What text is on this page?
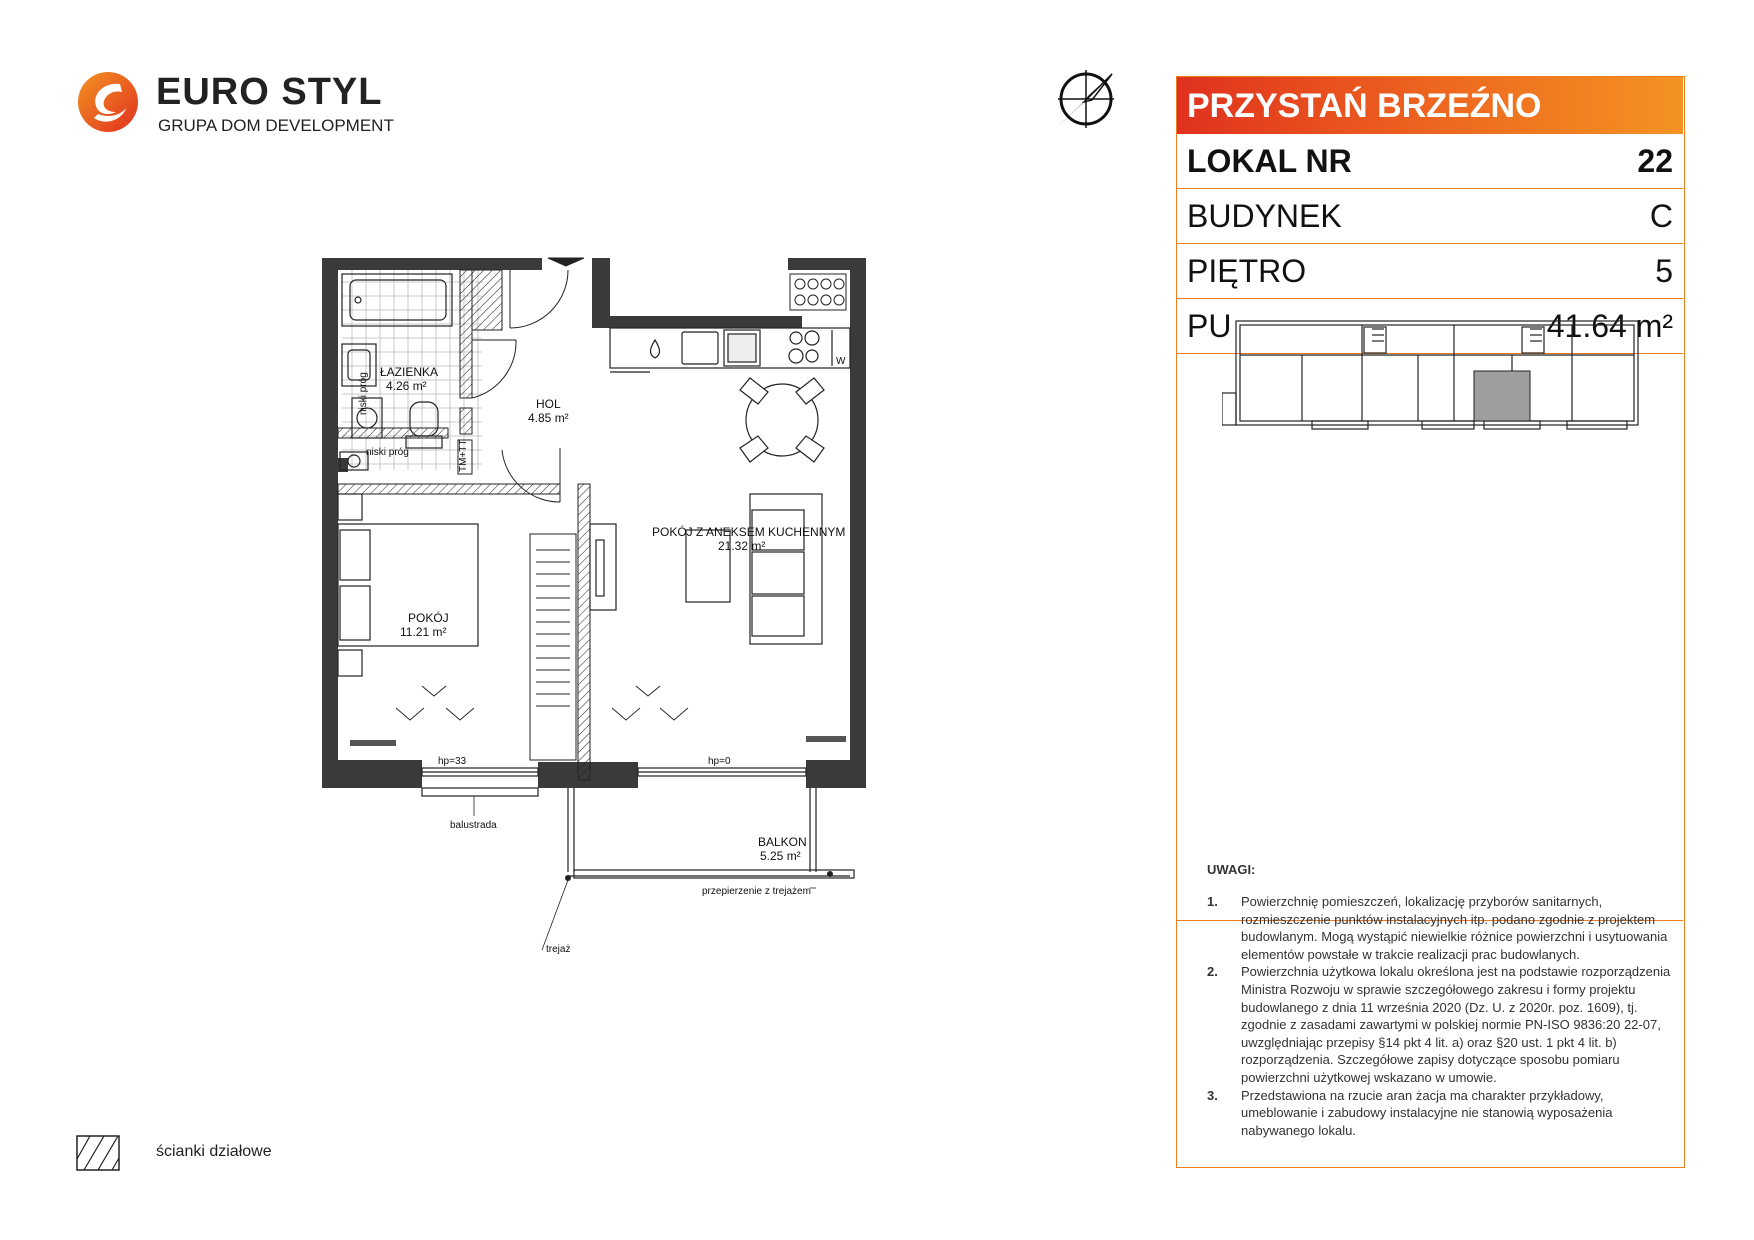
EURO STYL
GRUPA DOM DEVELOPMENT
PRZYSTAŃ BRZEŹNO
LOKAL NR	22
BUDYNEK	C
PIĘTRO	5
PU	41.64 m²
UWAGI:
1.	Powierzchnię pomieszczeń, lokalizację przyborów sanitarnych, rozmieszczenie punktów instalacyjnych itp. podano zgodnie z projektem budowlanym. Mogą wystąpić niewielkie różnice powierzchni i usytuowania elementów powstałe w trakcie realizacji prac budowlanych.
2.	Powierzchnia użytkowa lokalu określona jest na podstawie rozporządzenia Ministra Rozwoju w sprawie szczegółowego zakresu i formy projektu budowlanego z dnia 11 września 2020 (Dz. U. z 2020r. poz. 1609), tj. zgodnie z zasadami zawartymi w polskiej normie PN-ISO 9836:20 22-07, uwzględniając przepisy §14 pkt 4 lit. a) oraz §20 ust. 1 pkt 4 lit. b) rozporządzenia. Szczegółowe zapisy dotyczące sposobu pomiaru powierzchni użytkowej wskazano w umowie.
3.	Przedstawiona na rzucie aran żacja ma charakter przykładowy, umeblowanie i zabudowy instalacyjne nie stanowią wyposażenia nabywanego lokalu.
ŁAZIENKA
4.26 m²
HOL
4.85 m²
POKÓJ Z ANEKSEM KUCHENNYM
21.32 m²
POKÓJ
11.21 m²
BALKON
5.25 m²
niski próg
niski próg
TM+TT
W
hp=33	hp=0
balustrada
przepierzenie z trejażem
trejaż
ścianki działowe
